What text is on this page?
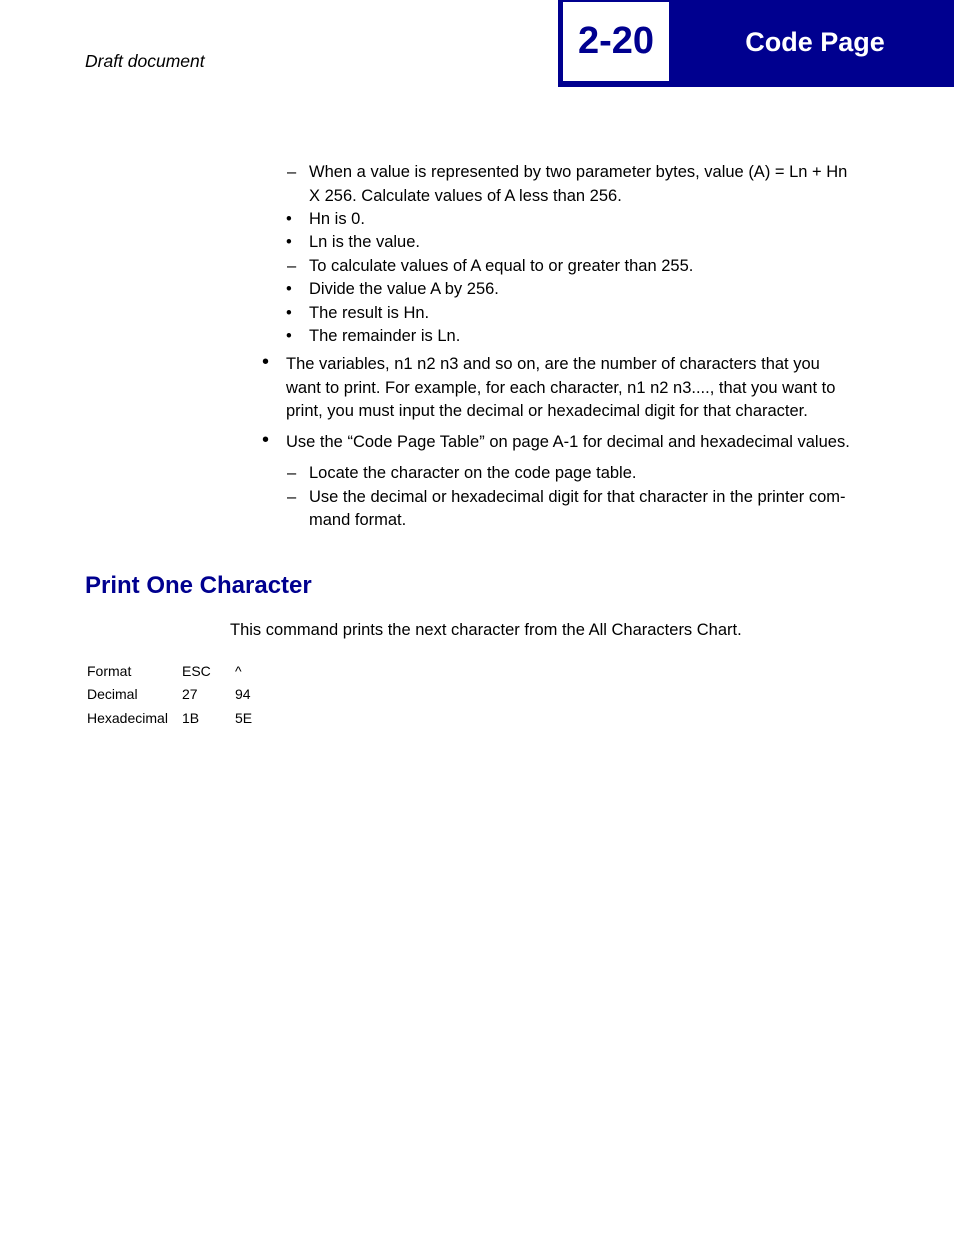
Draft document	2-20	Code Page
– When a value is represented by two parameter bytes, value (A) = Ln + Hn
X 256. Calculate values of A less than 256.
• Hn is 0.
• Ln is the value.
– To calculate values of A equal to or greater than 255.
• Divide the value A by 256.
• The result is Hn.
• The remainder is Ln.
• The variables, n1 n2 n3 and so on, are the number of characters that you
want to print. For example, for each character, n1 n2 n3...., that you want to
print, you must input the decimal or hexadecimal digit for that character.
• Use the “Code Page Table” on page A-1 for decimal and hexadecimal values.
– Locate the character on the code page table.
– Use the decimal or hexadecimal digit for that character in the printer com-
mand format.
Print One Character
This command prints the next character from the All Characters Chart.
Format	ESC ^
Decimal	27	94
Hexadecimal 1B	5E
